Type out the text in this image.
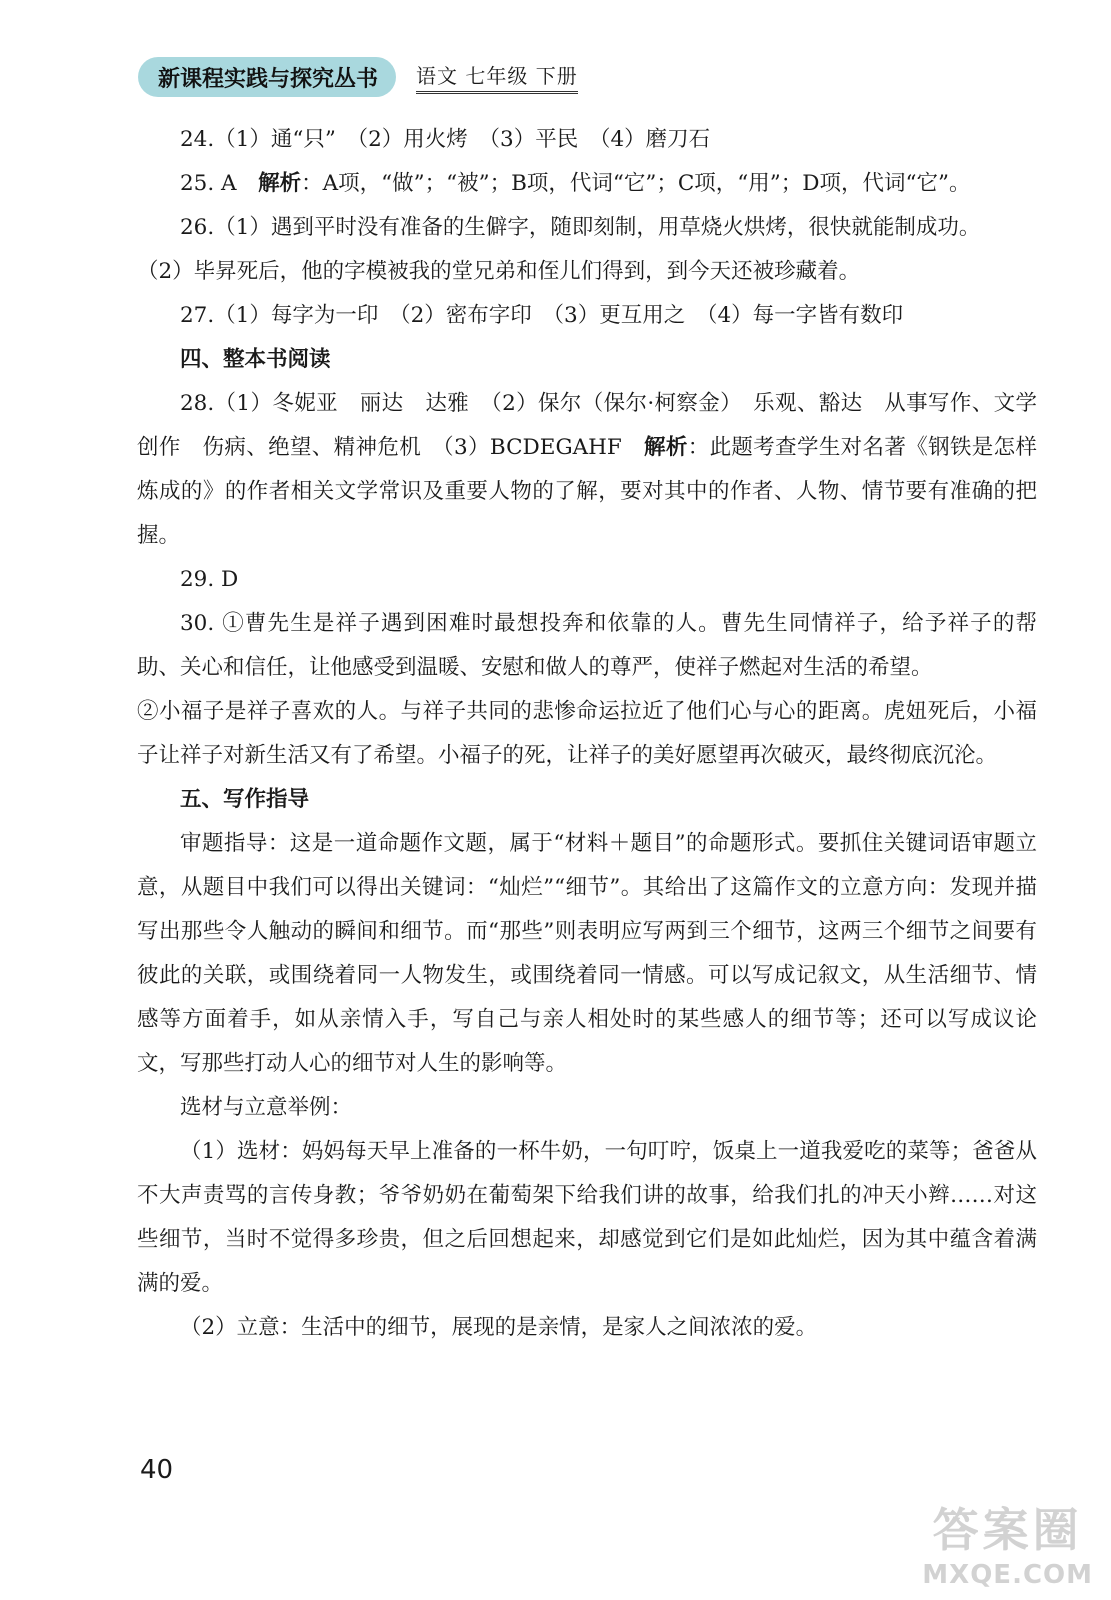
新课程实践与探究丛书	语文 七年级 下册

24.（1）通“只”　（2）用火烤　（3）平民　（4）磨刀石

25. A　解析：A项，“做”；“被”；B项，代词“它”；C项，“用”；D项，代词“它”。

26.（1）遇到平时没有准备的生僻字，随即刻制，用草烧火烘烤，很快就能制成功。

（2）毕昇死后，他的字模被我的堂兄弟和侄儿们得到，到今天还被珍藏着。

27.（1）每字为一印　（2）密布字印　（3）更互用之　（4）每一字皆有数印

四、整本书阅读

28.（1）冬妮亚　丽达　达雅　（2）保尔（保尔·柯察金）　乐观、豁达　从事写作、文学创作　伤病、绝望、精神危机　（3）BCDEGAHF　解析：此题考查学生对名著《钢铁是怎样炼成的》的作者相关文学常识及重要人物的了解，要对其中的作者、人物、情节要有准确的把握。

29. D

30. ①曹先生是祥子遇到困难时最想投奔和依靠的人。曹先生同情祥子，给予祥子的帮助、关心和信任，让他感受到温暖、安慰和做人的尊严，使祥子燃起对生活的希望。

②小福子是祥子喜欢的人。与祥子共同的悲惨命运拉近了他们心与心的距离。虎妞死后，小福子让祥子对新生活又有了希望。小福子的死，让祥子的美好愿望再次破灭，最终彻底沉沦。

五、写作指导

审题指导：这是一道命题作文题，属于“材料＋题目”的命题形式。要抓住关键词语审题立意，从题目中我们可以得出关键词：“灿烂”“细节”。其给出了这篇作文的立意方向：发现并描写出那些令人触动的瞬间和细节。而“那些”则表明应写两到三个细节，这两三个细节之间要有彼此的关联，或围绕着同一人物发生，或围绕着同一情感。可以写成记叙文，从生活细节、情感等方面着手，如从亲情入手，写自己与亲人相处时的某些感人的细节等；还可以写成议论文，写那些打动人心的细节对人生的影响等。

选材与立意举例：

（1）选材：妈妈每天早上准备的一杯牛奶，一句叮咛，饭桌上一道我爱吃的菜等；爸爸从不大声责骂的言传身教；爷爷奶奶在葡萄架下给我们讲的故事，给我们扎的冲天小辫……对这些细节，当时不觉得多珍贵，但之后回想起来，却感觉到它们是如此灿烂，因为其中蕴含着满满的爱。

（2）立意：生活中的细节，展现的是亲情，是家人之间浓浓的爱。

40
答案圈
MXQE.COM
